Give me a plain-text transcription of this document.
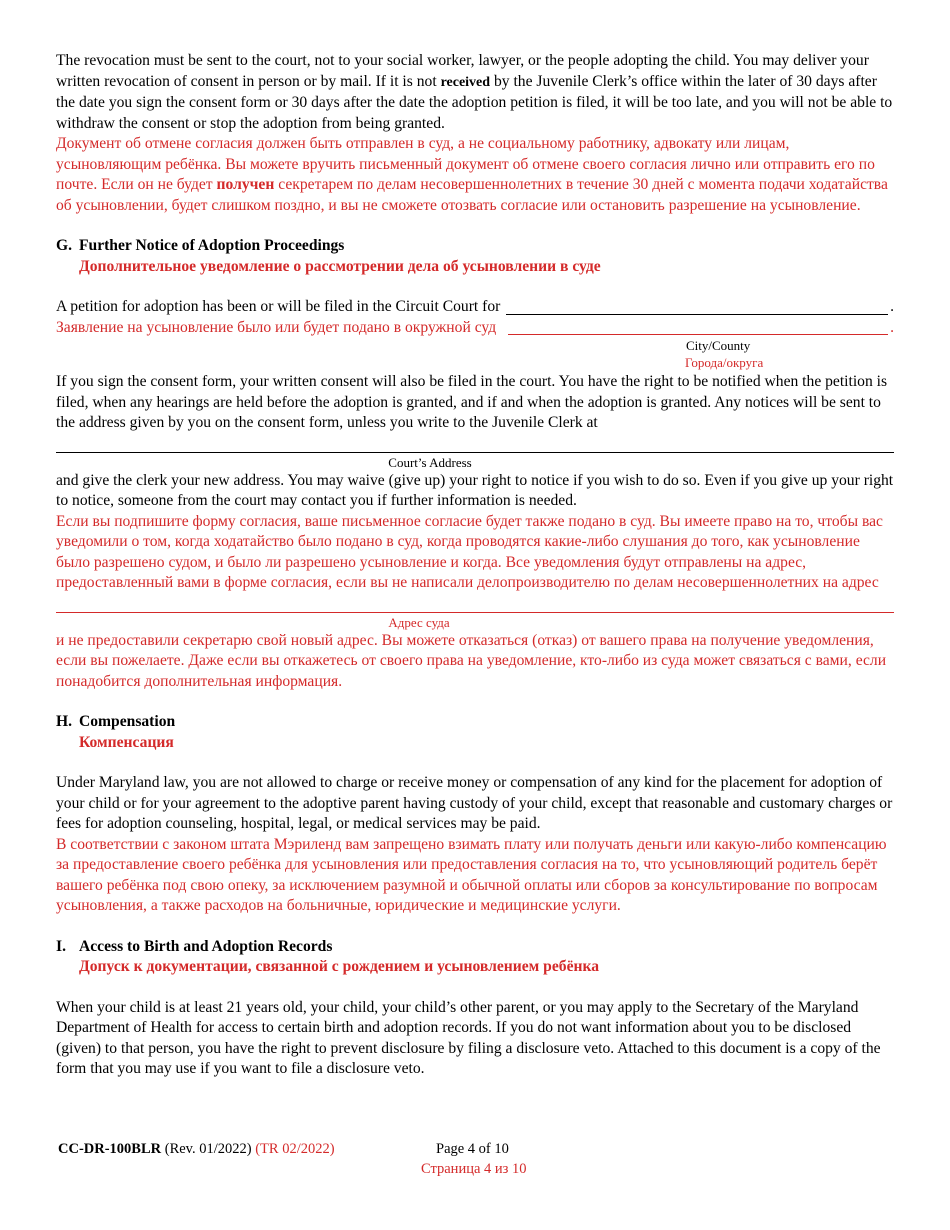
The revocation must be sent to the court, not to your social worker, lawyer, or the people adopting the child. You may deliver your written revocation of consent in person or by mail. If it is not received by the Juvenile Clerk’s office within the later of 30 days after the date you sign the consent form or 30 days after the date the adoption petition is filed, it will be too late, and you will not be able to withdraw the consent or stop the adoption from being granted.

Документ об отмене согласия должен быть отправлен в суд, а не социальному работнику, адвокату или лицам, усыновляющим ребёнка. Вы можете вручить письменный документ об отмене своего согласия лично или отправить его по почте. Если он не будет получен секретарем по делам несовершеннолетних в течение 30 дней с момента подачи ходатайства об усыновлении, будет слишком поздно, и вы не сможете отозвать согласие или остановить разрешение на усыновление.

G. Further Notice of Adoption Proceedings

Дополнительное уведомление о рассмотрении дела об усыновлении в суде

A petition for adoption has been or will be filed in the Circuit Court for	.
Заявление на усыновление было или будет подано в окружной суд	.
City/County
Города/округа

If you sign the consent form, your written consent will also be filed in the court. You have the right to be notified when the petition is filed, when any hearings are held before the adoption is granted, and if and when the adoption is granted. Any notices will be sent to the address given by you on the consent form, unless you write to the Juvenile Clerk at

Court’s Address

and give the clerk your new address. You may waive (give up) your right to notice if you wish to do so. Even if you give up your right to notice, someone from the court may contact you if further information is needed.

Если вы подпишите форму согласия, ваше письменное согласие будет также подано в суд. Вы имеете право на то, чтобы вас уведомили о том, когда ходатайство было подано в суд, когда проводятся какие-либо слушания до того, как усыновление было разрешено судом, и было ли разрешено усыновление и когда. Все уведомления будут отправлены на адрес, предоставленный вами в форме согласия, если вы не написали делопроизводителю по делам несовершеннолетних на адрес

Адрес суда

и не предоставили секретарю свой новый адрес. Вы можете отказаться (отказ) от вашего права на получение уведомления, если вы пожелаете. Даже если вы откажетесь от своего права на уведомление, кто-либо из суда может связаться с вами, если понадобится дополнительная информация.

H. Compensation

Компенсация

Under Maryland law, you are not allowed to charge or receive money or compensation of any kind for the placement for adoption of your child or for your agreement to the adoptive parent having custody of your child, except that reasonable and customary charges or fees for adoption counseling, hospital, legal, or medical services may be paid.

В соответствии с законом штата Мэриленд вам запрещено взимать плату или получать деньги или какую-либо компенсацию за предоставление своего ребёнка для усыновления или предоставления согласия на то, что усыновляющий родитель берёт вашего ребёнка под свою опеку, за исключением разумной и обычной оплаты или сборов за консультирование по вопросам усыновления, а также расходов на больничные, юридические и медицинские услуги.

I. Access to Birth and Adoption Records

Допуск к документации, связанной с рождением и усыновлением ребёнка

When your child is at least 21 years old, your child, your child’s other parent, or you may apply to the Secretary of the Maryland Department of Health for access to certain birth and adoption records. If you do not want information about you to be disclosed (given) to that person, you have the right to prevent disclosure by filing a disclosure veto. Attached to this document is a copy of the form that you may use if you want to file a disclosure veto.

CC-DR-100BLR (Rev. 01/2022) (TR 02/2022)	Page 4 of 10
Страница 4 из 10
